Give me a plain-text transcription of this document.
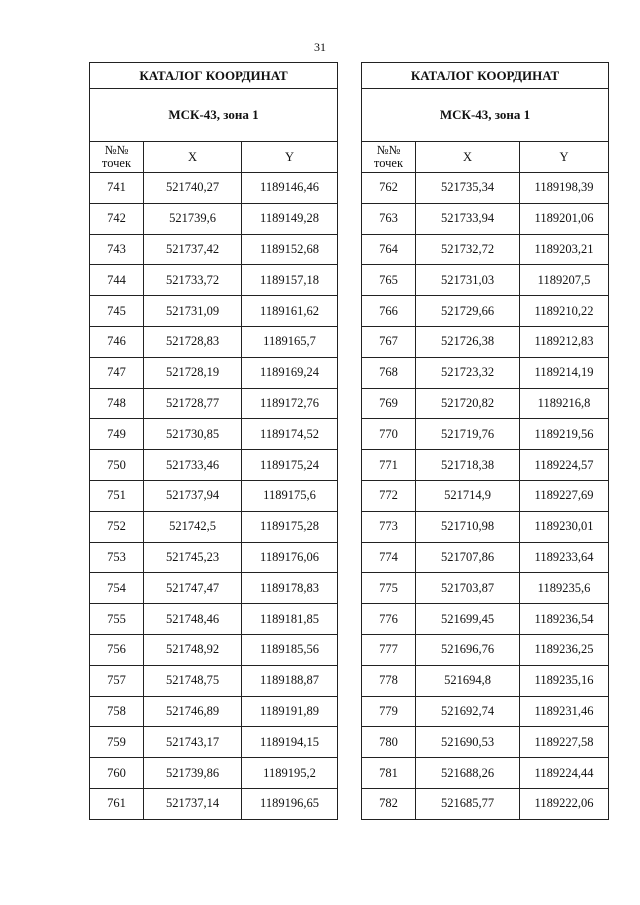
31
КАТАЛОГ КООРДИНАТ		
МСК-43, зона 1		
№№
точек	X	Y
741	521740,27	1189146,46
742	521739,6	1189149,28
743	521737,42	1189152,68
744	521733,72	1189157,18
745	521731,09	1189161,62
746	521728,83	1189165,7
747	521728,19	1189169,24
748	521728,77	1189172,76
749	521730,85	1189174,52
750	521733,46	1189175,24
751	521737,94	1189175,6
752	521742,5	1189175,28
753	521745,23	1189176,06
754	521747,47	1189178,83
755	521748,46	1189181,85
756	521748,92	1189185,56
757	521748,75	1189188,87
758	521746,89	1189191,89
759	521743,17	1189194,15
760	521739,86	1189195,2
761	521737,14	1189196,65
КАТАЛОГ КООРДИНАТ		
МСК-43, зона 1		
№№
точек	X	Y
762	521735,34	1189198,39
763	521733,94	1189201,06
764	521732,72	1189203,21
765	521731,03	1189207,5
766	521729,66	1189210,22
767	521726,38	1189212,83
768	521723,32	1189214,19
769	521720,82	1189216,8
770	521719,76	1189219,56
771	521718,38	1189224,57
772	521714,9	1189227,69
773	521710,98	1189230,01
774	521707,86	1189233,64
775	521703,87	1189235,6
776	521699,45	1189236,54
777	521696,76	1189236,25
778	521694,8	1189235,16
779	521692,74	1189231,46
780	521690,53	1189227,58
781	521688,26	1189224,44
782	521685,77	1189222,06
